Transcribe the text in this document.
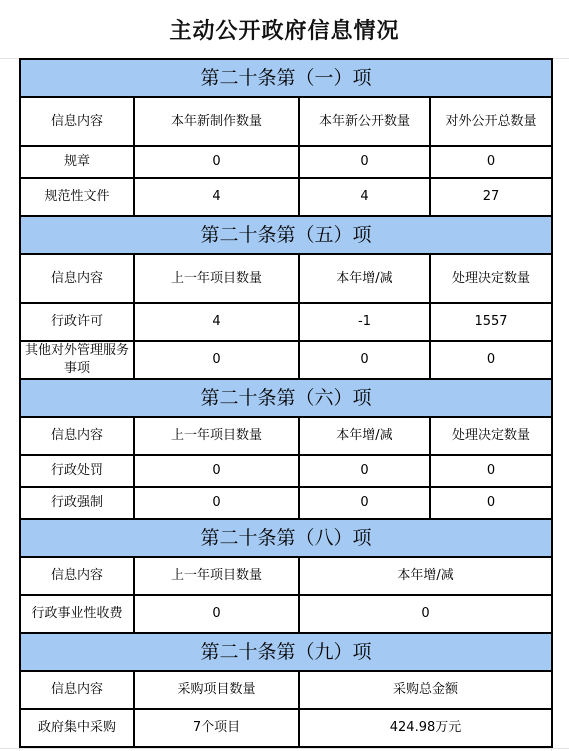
主动公开政府信息情况
第二十条第（一）项			
信息内容	本年新制作数量	本年新公开数量	对外公开总数量
规章	0	0	0
规范性文件	4	4	27
第二十条第（五）项			
信息内容	上一年项目数量	本年增/减	处理决定数量
行政许可	4	-1	1557
其他对外管理服务事项	0	0	0
第二十条第（六）项			
信息内容	上一年项目数量	本年增/减	处理决定数量
行政处罚	0	0	0
行政强制	0	0	0
第二十条第（八）项			
信息内容	上一年项目数量	本年增/减	
行政事业性收费	0	0	
第二十条第（九）项			
信息内容	采购项目数量	采购总金额	
政府集中采购	7个项目	424.98万元	
